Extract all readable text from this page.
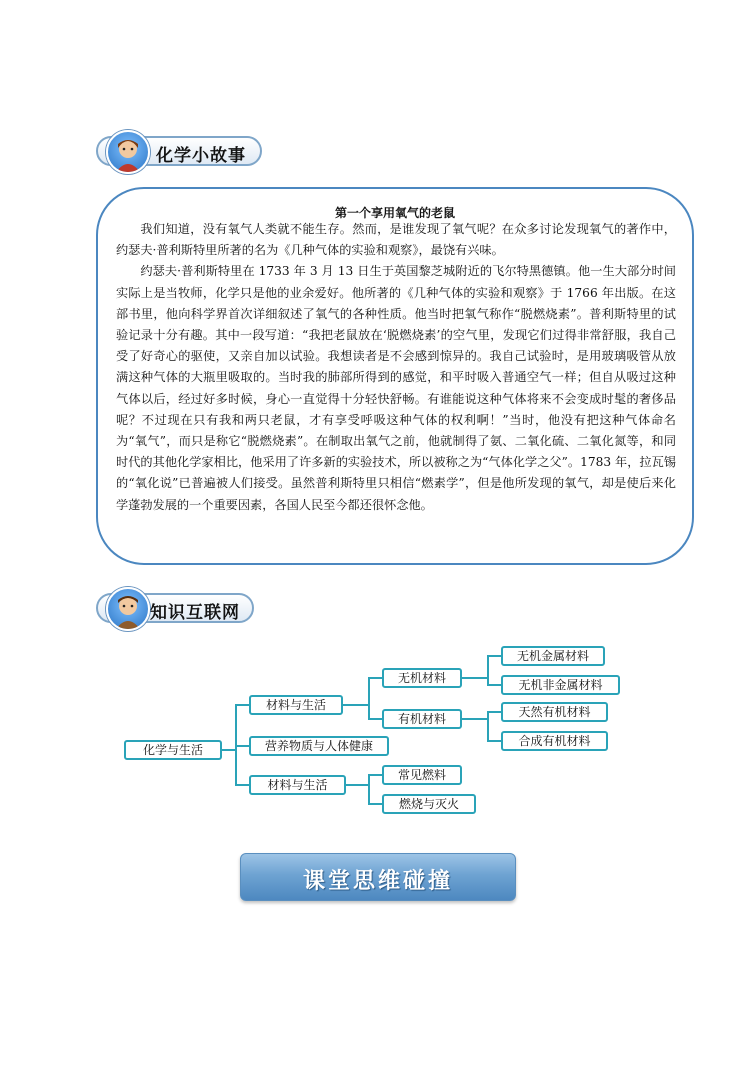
化学小故事
第一个享用氧气的老鼠

我们知道，没有氧气人类就不能生存。然而，是谁发现了氧气呢？在众多讨论发现氧气的著作中，约瑟夫·普利斯特里所著的名为《几种气体的实验和观察》，最饶有兴味。

约瑟夫·普利斯特里在 1733 年 3 月 13 日生于英国黎芝城附近的飞尔特黑德镇。他一生大部分时间实际上是当牧师，化学只是他的业余爱好。他所著的《几种气体的实验和观察》于 1766 年出版。在这部书里，他向科学界首次详细叙述了氧气的各种性质。他当时把氧气称作“脱燃烧素”。普利斯特里的试验记录十分有趣。其中一段写道：“我把老鼠放在‘脱燃烧素’的空气里，发现它们过得非常舒服，我自己受了好奇心的驱使，又亲自加以试验。我想读者是不会感到惊异的。我自己试验时，是用玻璃吸管从放满这种气体的大瓶里吸取的。当时我的肺部所得到的感觉，和平时吸入普通空气一样；但自从吸过这种气体以后，经过好多时候，身心一直觉得十分轻快舒畅。有谁能说这种气体将来不会变成时髦的奢侈品呢？不过现在只有我和两只老鼠，才有享受呼吸这种气体的权利啊！”当时，他没有把这种气体命名为“氧气”，而只是称它“脱燃烧素”。在制取出氧气之前，他就制得了氨、二氧化硫、二氧化氮等，和同时代的其他化学家相比，他采用了许多新的实验技术，所以被称之为“气体化学之父”。1783 年，拉瓦锡的“氧化说”已普遍被人们接受。虽然普利斯特里只相信“燃素学”，但是他所发现的氧气，却是使后来化学蓬勃发展的一个重要因素，各国人民至今都还很怀念他。

知识互联网
化学与生活
材料与生活
营养物质与人体健康
材料与生活
无机材料
有机材料
常见燃料
燃烧与灭火
无机金属材料
无机非金属材料
天然有机材料
合成有机材料
课堂思维碰撞
